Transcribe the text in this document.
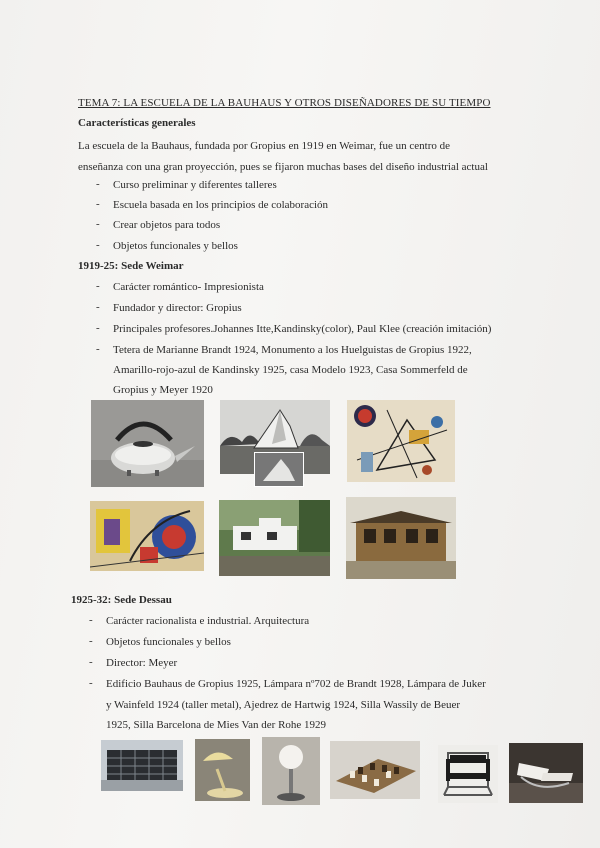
TEMA 7: LA ESCUELA DE LA BAUHAUS Y OTROS DISEÑADORES DE SU TIEMPO
Características generales
La escuela de la Bauhaus, fundada por Gropius en 1919 en Weimar, fue un centro de
enseñanza con una gran proyección, pues se fijaron muchas bases del diseño industrial actual
- Curso preliminar y diferentes talleres
- Escuela basada en los principios de colaboración
- Crear objetos para todos
- Objetos funcionales y bellos
1919-25: Sede Weimar
- Carácter romántico- Impresionista
- Fundador y director: Gropius
- Principales profesores.Johannes Itte,Kandinsky(color), Paul Klee (creación imitación)
- Tetera de Marianne Brandt 1924, Monumento a los Huelguistas de Gropius 1922,
Amarillo-rojo-azul de Kandinsky 1925, casa Modelo 1923, Casa Sommerfeld de
Gropius y Meyer 1920
1925-32: Sede Dessau
- Carácter racionalista e industrial. Arquitectura
- Objetos funcionales y bellos
- Director: Meyer
- Edificio Bauhaus de Gropius 1925, Lámpara nº702 de Brandt 1928, Lámpara de Juker
y Wainfeld 1924 (taller metal), Ajedrez de Hartwig 1924, Silla Wassily de Beuer
1925, Silla Barcelona de Mies Van der Rohe 1929
